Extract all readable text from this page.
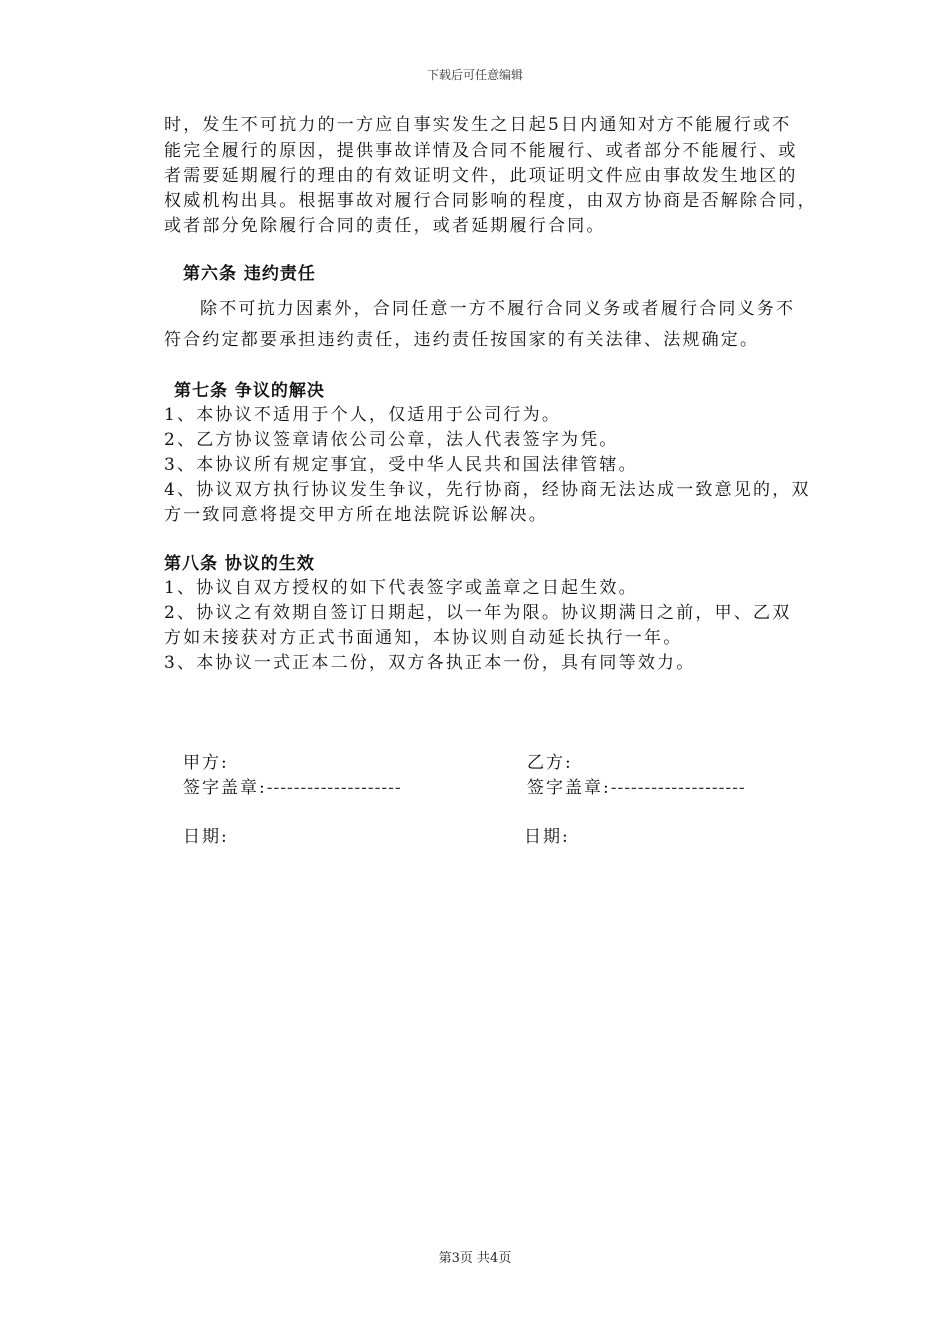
下载后可任意编辑
时，发生不可抗力的一方应自事实发生之日起5日内通知对方不能履行或不
能完全履行的原因，提供事故详情及合同不能履行、或者部分不能履行、或
者需要延期履行的理由的有效证明文件，此项证明文件应由事故发生地区的
权威机构出具。根据事故对履行合同影响的程度，由双方协商是否解除合同，
或者部分免除履行合同的责任，或者延期履行合同。
第六条 违约责任
除不可抗力因素外，合同任意一方不履行合同义务或者履行合同义务不
符合约定都要承担违约责任，违约责任按国家的有关法律、法规确定。
第七条 争议的解决
1、本协议不适用于个人，仅适用于公司行为。
2、乙方协议签章请依公司公章，法人代表签字为凭。
3、本协议所有规定事宜，受中华人民共和国法律管辖。
4、协议双方执行协议发生争议，先行协商，经协商无法达成一致意见的，双
方一致同意将提交甲方所在地法院诉讼解决。
第八条 协议的生效
1、协议自双方授权的如下代表签字或盖章之日起生效。
2、协议之有效期自签订日期起，以一年为限。协议期满日之前，甲、乙双
方如未接获对方正式书面通知，本协议则自动延长执行一年。
3、本协议一式正本二份，双方各执正本一份，具有同等效力。
甲方:	乙方:
签字盖章:--------------------	签字盖章:--------------------
日期:	日期:
第3页 共4页
